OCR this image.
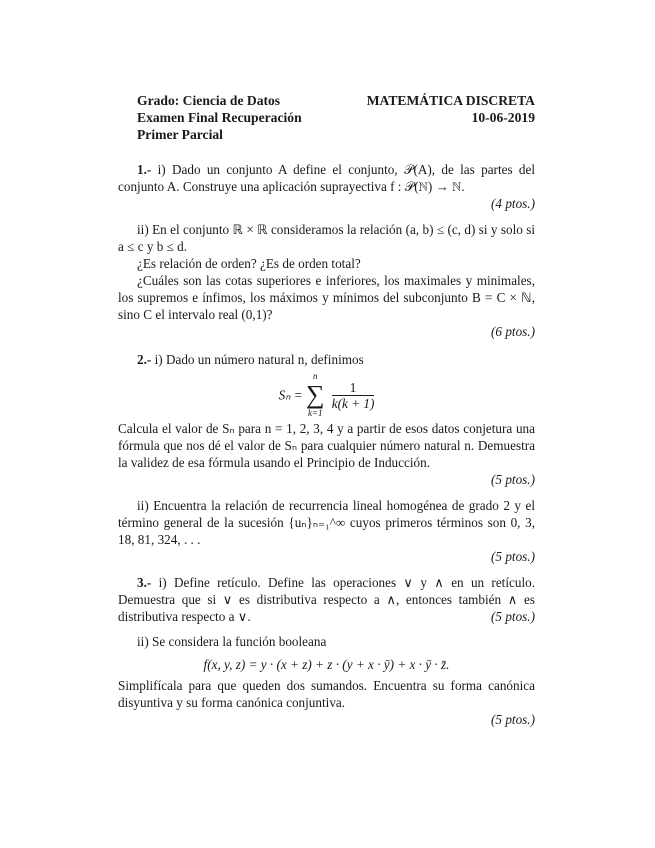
Grado: Ciencia de Datos
Examen Final Recuperación
Primer Parcial
MATEMÁTICA DISCRETA
10-06-2019
1.- i) Dado un conjunto A define el conjunto, 𝒫(A), de las partes del conjunto A. Construye una aplicación suprayectiva f : 𝒫(ℕ) → ℕ.
(4 ptos.)
ii) En el conjunto ℝ × ℝ consideramos la relación (a, b) ≤ (c, d) si y solo si a ≤ c y b ≤ d.
¿Es relación de orden? ¿Es de orden total?
¿Cuáles son las cotas superiores e inferiores, los maximales y minimales, los supremos e ínfimos, los máximos y mínimos del subconjunto B = C × ℕ, sino C el intervalo real (0,1)?
(6 ptos.)
2.- i) Dado un número natural n, definimos
Sₙ =
n
∑
k=1

$\frac{1}{k(k + 1)}$
Calcula el valor de Sₙ para n = 1, 2, 3, 4 y a partir de esos datos conjetura una fórmula que nos dé el valor de Sₙ para cualquier número natural n. Demuestra la validez de esa fórmula usando el Principio de Inducción.
(5 ptos.)
ii) Encuentra la relación de recurrencia lineal homogénea de grado 2 y el término general de la sucesión {uₙ}ₙ₌₁^∞ cuyos primeros términos son 0, 3, 18, 81, 324, . . .
(5 ptos.)
3.- i) Define retículo. Define las operaciones ∨ y ∧ en un retículo. Demuestra que si ∨ es distributiva respecto a ∧, entonces también ∧ es distributiva respecto a ∨.	(5 ptos.)
ii) Se considera la función booleana
f(x, y, z) = y · (x + z) + z · (y + x · ȳ) + x · ȳ · z̄.
Simplifícala para que queden dos sumandos. Encuentra su forma canónica disyuntiva y su forma canónica conjuntiva.
(5 ptos.)
